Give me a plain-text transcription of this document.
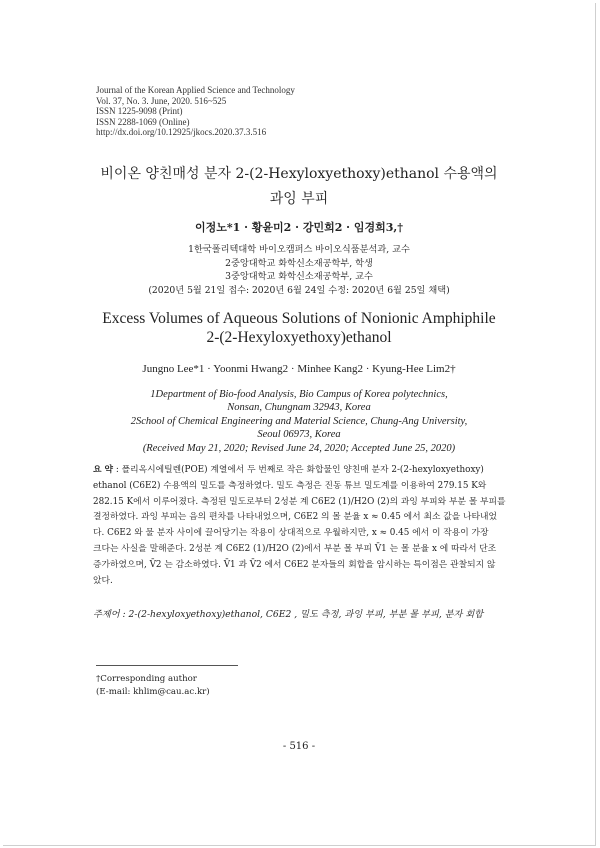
Journal of the Korean Applied Science and Technology
Vol. 37, No. 3. June, 2020. 516~525
ISSN 1225-9098 (Print)
ISSN 2288-1069 (Online)
http://dx.doi.org/10.12925/jkocs.2020.37.3.516
비이온 양친매성 분자 2-(2-Hexyloxyethoxy)ethanol 수용액의
과잉 부피
이정노*1 · 황윤미2 · 강민희2 · 임경희3,†
1한국폴리텍대학 바이오캠퍼스 바이오식품분석과, 교수
2중앙대학교 화학신소재공학부, 학생
3중앙대학교 화학신소재공학부, 교수
(2020년 5월 21일 접수: 2020년 6월 24일 수정: 2020년 6월 25일 채택)
Excess Volumes of Aqueous Solutions of Nonionic Amphiphile
2-(2-Hexyloxyethoxy)ethanol
Jungno Lee*1 · Yoonmi Hwang2 · Minhee Kang2 · Kyung-Hee Lim2†
1Department of Bio-food Analysis, Bio Campus of Korea polytechnics,
Nonsan, Chungnam 32943, Korea
2School of Chemical Engineering and Material Science, Chung-Ang University,
Seoul 06973, Korea
(Received May 21, 2020; Revised June 24, 2020; Accepted June 25, 2020)
요 약 : 폴리옥시에틸렌(POE) 계열에서 두 번째로 작은 화합물인 양친매 분자 2-(2-hexyloxyethoxy)
ethanol (C6E2) 수용액의 밀도를 측정하였다. 밀도 측정은 진동 튜브 밀도계를 이용하여 279.15 K와
282.15 K에서 이루어졌다. 측정된 밀도로부터 2성분 계 C6E2 (1)/H2O (2)의 과잉 부피와 부분 몰 부피를
결정하였다. 과잉 부피는 음의 편차를 나타내었으며, C6E2 의 몰 분율 x ≈ 0.45 에서 최소 값을 나타내었
다. C6E2 와 물 분자 사이에 끌어당기는 작용이 상대적으로 우월하지만, x ≈ 0.45 에서 이 작용이 가장
크다는 사실을 말해준다. 2성분 계 C6E2 (1)/H2O (2)에서 부분 몰 부피 V̄1 는 몰 분율 x 에 따라서 단조
증가하였으며, V̄2 는 감소하였다. V̄1 과 V̄2 에서 C6E2 분자들의 회합을 암시하는 특이점은 관찰되지 않
았다.
주제어 : 2-(2-hexyloxyethoxy)ethanol, C6E2 , 밀도 측정, 과잉 부피, 부분 몰 부피, 분자 회합
†Corresponding author
(E-mail: khlim@cau.ac.kr)
- 516 -
